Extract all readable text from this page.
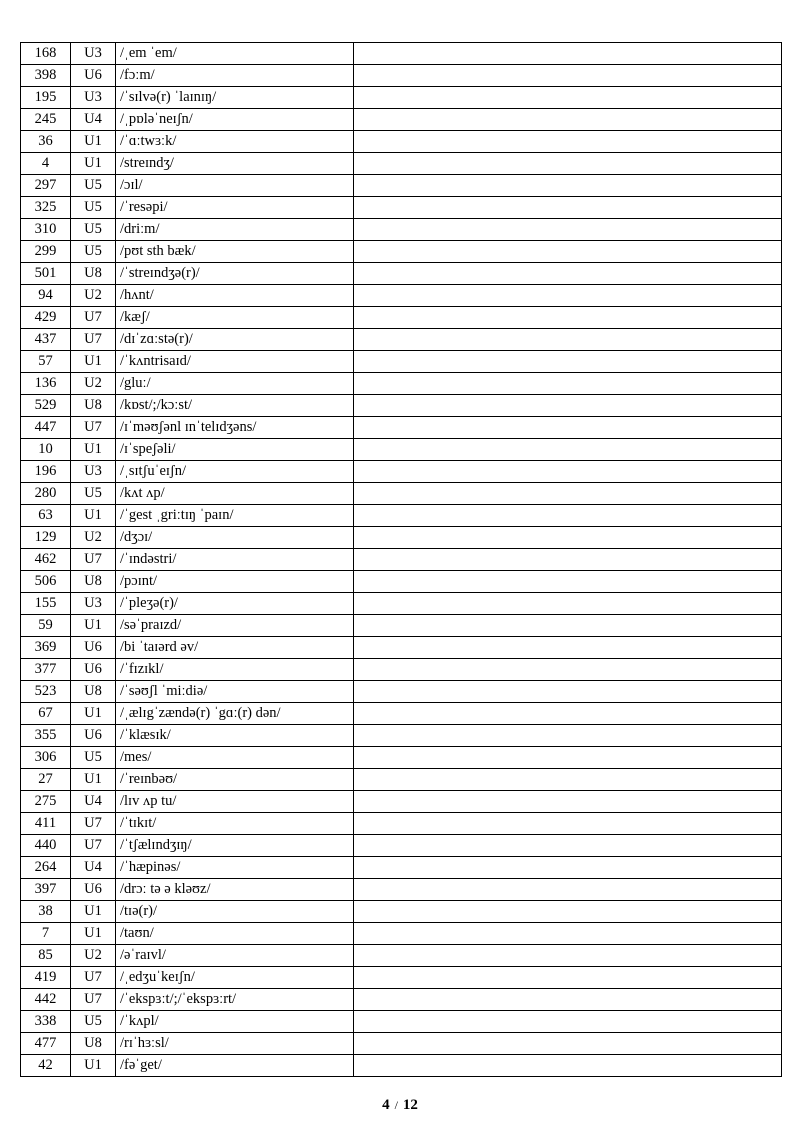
168	U3	/ˌem ˈem/	
398	U6	/fɔːm/	
195	U3	/ˈsɪlvə(r) ˈlaɪnɪŋ/	
245	U4	/ˌpɒləˈneɪʃn/	
36	U1	/ˈɑːtwɜːk/	
4	U1	/streɪndʒ/	
297	U5	/ɔɪl/	
325	U5	/ˈresəpi/	
310	U5	/driːm/	
299	U5	/pʊt sth bæk/	
501	U8	/ˈstreɪndʒə(r)/	
94	U2	/hʌnt/	
429	U7	/kæʃ/	
437	U7	/dɪˈzɑːstə(r)/	
57	U1	/ˈkʌntrisaɪd/	
136	U2	/gluː/	
529	U8	/kɒst/;/kɔːst/	
447	U7	/ɪˈməʊʃənl ɪnˈtelɪdʒəns/	
10	U1	/ɪˈspeʃəli/	
196	U3	/ˌsɪtʃuˈeɪʃn/	
280	U5	/kʌt ʌp/	
63	U1	/ˈgest ˌgriːtɪŋ ˈpaɪn/	
129	U2	/dʒɔɪ/	
462	U7	/ˈɪndəstri/	
506	U8	/pɔɪnt/	
155	U3	/ˈpleʒə(r)/	
59	U1	/səˈpraɪzd/	
369	U6	/bi ˈtaɪərd əv/	
377	U6	/ˈfɪzɪkl/	
523	U8	/ˈsəʊʃl ˈmiːdiə/	
67	U1	/ˌælɪgˈzændə(r) ˈgɑː(r) dən/	
355	U6	/ˈklæsɪk/	
306	U5	/mes/	
27	U1	/ˈreɪnbəʊ/	
275	U4	/lɪv ʌp tu/	
411	U7	/ˈtɪkɪt/	
440	U7	/ˈtʃælɪndʒɪŋ/	
264	U4	/ˈhæpinəs/	
397	U6	/drɔː tə ə kləʊz/	
38	U1	/tɪə(r)/	
7	U1	/taʊn/	
85	U2	/əˈraɪvl/	
419	U7	/ˌedʒuˈkeɪʃn/	
442	U7	/ˈekspɜːt/;/ˈekspɜːrt/	
338	U5	/ˈkʌpl/	
477	U8	/rɪˈhɜːsl/	
42	U1	/fəˈget/	
4 / 12
